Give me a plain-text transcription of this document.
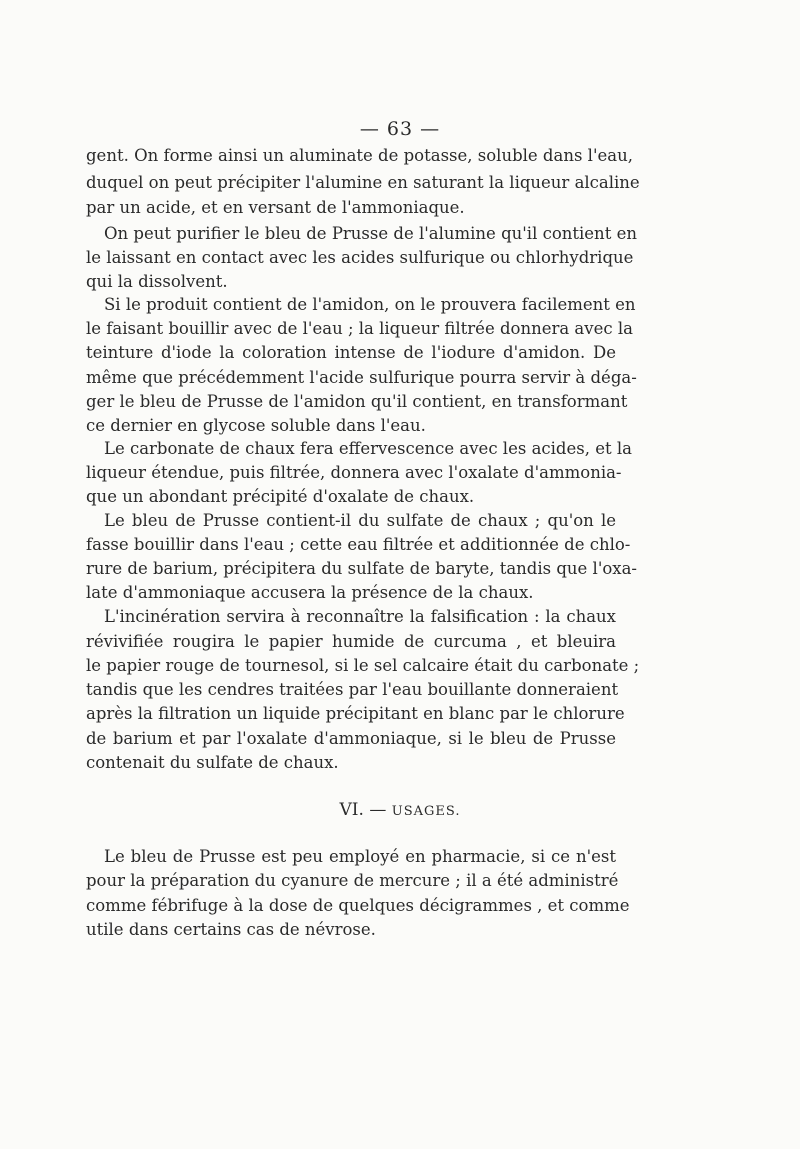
— 63 —
gent. On forme ainsi un aluminate de potasse, soluble dans l'eau,
duquel on peut précipiter l'alumine en saturant la liqueur alcaline
par un acide, et en versant de l'ammoniaque.
On peut purifier le bleu de Prusse de l'alumine qu'il contient en
le laissant en contact avec les acides sulfurique ou chlorhydrique
qui la dissolvent.
Si le produit contient de l'amidon, on le prouvera facilement en
le faisant bouillir avec de l'eau ; la liqueur filtrée donnera avec la
teinture d'iode la coloration intense de l'iodure d'amidon. De
même que précédemment l'acide sulfurique pourra servir à déga-
ger le bleu de Prusse de l'amidon qu'il contient, en transformant
ce dernier en glycose soluble dans l'eau.
Le carbonate de chaux fera effervescence avec les acides, et la
liqueur étendue, puis filtrée, donnera avec l'oxalate d'ammonia-
que un abondant précipité d'oxalate de chaux.
Le bleu de Prusse contient-il du sulfate de chaux ; qu'on le
fasse bouillir dans l'eau ; cette eau filtrée et additionnée de chlo-
rure de barium, précipitera du sulfate de baryte, tandis que l'oxa-
late d'ammoniaque accusera la présence de la chaux.
L'incinération servira à reconnaître la falsification : la chaux
révivifiée rougira le papier humide de curcuma , et bleuira
le papier rouge de tournesol, si le sel calcaire était du carbonate ;
tandis que les cendres traitées par l'eau bouillante donneraient
après la filtration un liquide précipitant en blanc par le chlorure
de barium et par l'oxalate d'ammoniaque, si le bleu de Prusse
contenait du sulfate de chaux.
VI. — USAGES.
Le bleu de Prusse est peu employé en pharmacie, si ce n'est
pour la préparation du cyanure de mercure ; il a été administré
comme fébrifuge à la dose de quelques décigrammes , et comme
utile dans certains cas de névrose.
